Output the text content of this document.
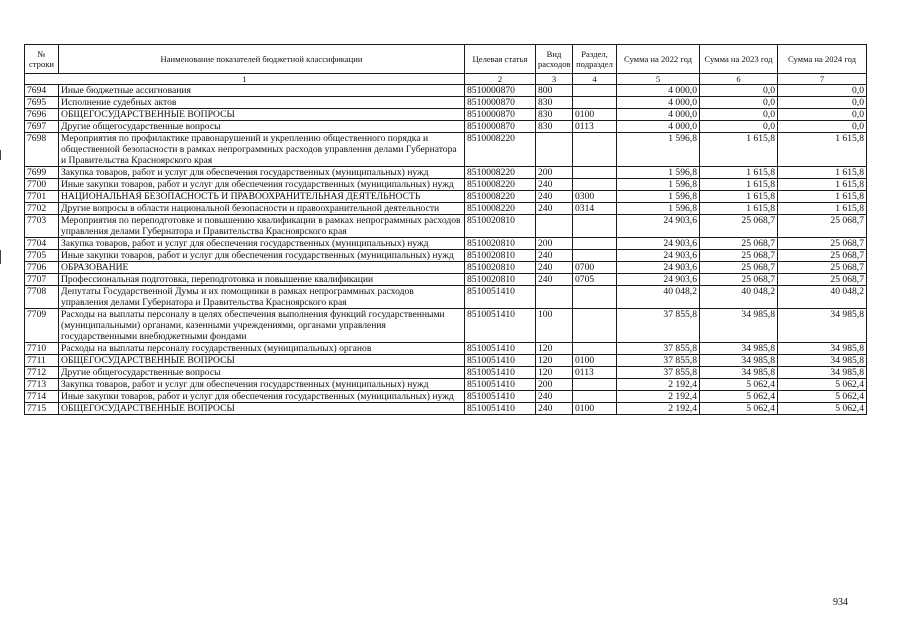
№ строки	Наименование показателей бюджетной классификации	Целевая статья	Вид расходов	Раздел, подраздел	Сумма на 2022 год	Сумма на 2023 год	Сумма на 2024 год
1		2	3	4	5	6	7
7694	Иные бюджетные ассигнования	8510000870	800		4 000,0	0,0	0,0
7695	Исполнение судебных актов	8510000870	830		4 000,0	0,0	0,0
7696	ОБЩЕГОСУДАРСТВЕННЫЕ ВОПРОСЫ	8510000870	830	0100	4 000,0	0,0	0,0
7697	Другие общегосударственные вопросы	8510000870	830	0113	4 000,0	0,0	0,0
7698	Мероприятия по профилактике правонарушений и укреплению общественного порядка и общественной безопасности в рамках непрограммных расходов управления делами Губернатора и Правительства Красноярского края	8510008220			1 596,8	1 615,8	1 615,8
7699	Закупка товаров, работ и услуг для обеспечения государственных (муниципальных) нужд	8510008220	200		1 596,8	1 615,8	1 615,8
7700	Иные закупки товаров, работ и услуг для обеспечения государственных (муниципальных) нужд	8510008220	240		1 596,8	1 615,8	1 615,8
7701	НАЦИОНАЛЬНАЯ БЕЗОПАСНОСТЬ И ПРАВООХРАНИТЕЛЬНАЯ ДЕЯТЕЛЬНОСТЬ	8510008220	240	0300	1 596,8	1 615,8	1 615,8
7702	Другие вопросы в области национальной безопасности и правоохранительной деятельности	8510008220	240	0314	1 596,8	1 615,8	1 615,8
7703	Мероприятия по переподготовке и повышению квалификации в рамках непрограммных расходов управления делами Губернатора и Правительства Красноярского края	8510020810			24 903,6	25 068,7	25 068,7
7704	Закупка товаров, работ и услуг для обеспечения государственных (муниципальных) нужд	8510020810	200		24 903,6	25 068,7	25 068,7
7705	Иные закупки товаров, работ и услуг для обеспечения государственных (муниципальных) нужд	8510020810	240		24 903,6	25 068,7	25 068,7
7706	ОБРАЗОВАНИЕ	8510020810	240	0700	24 903,6	25 068,7	25 068,7
7707	Профессиональная подготовка, переподготовка и повышение квалификации	8510020810	240	0705	24 903,6	25 068,7	25 068,7
7708	Депутаты Государственной Думы и их помощники в рамках непрограммных расходов управления делами Губернатора и Правительства Красноярского края	8510051410			40 048,2	40 048,2	40 048,2
7709	Расходы на выплаты персоналу в целях обеспечения выполнения функций государственными (муниципальными) органами, казенными учреждениями, органами управления государственными внебюджетными фондами	8510051410	100		37 855,8	34 985,8	34 985,8
7710	Расходы на выплаты персоналу государственных (муниципальных) органов	8510051410	120		37 855,8	34 985,8	34 985,8
7711	ОБЩЕГОСУДАРСТВЕННЫЕ ВОПРОСЫ	8510051410	120	0100	37 855,8	34 985,8	34 985,8
7712	Другие общегосударственные вопросы	8510051410	120	0113	37 855,8	34 985,8	34 985,8
7713	Закупка товаров, работ и услуг для обеспечения государственных (муниципальных) нужд	8510051410	200		2 192,4	5 062,4	5 062,4
7714	Иные закупки товаров, работ и услуг для обеспечения государственных (муниципальных) нужд	8510051410	240		2 192,4	5 062,4	5 062,4
7715	ОБЩЕГОСУДАРСТВЕННЫЕ ВОПРОСЫ	8510051410	240	0100	2 192,4	5 062,4	5 062,4
934
